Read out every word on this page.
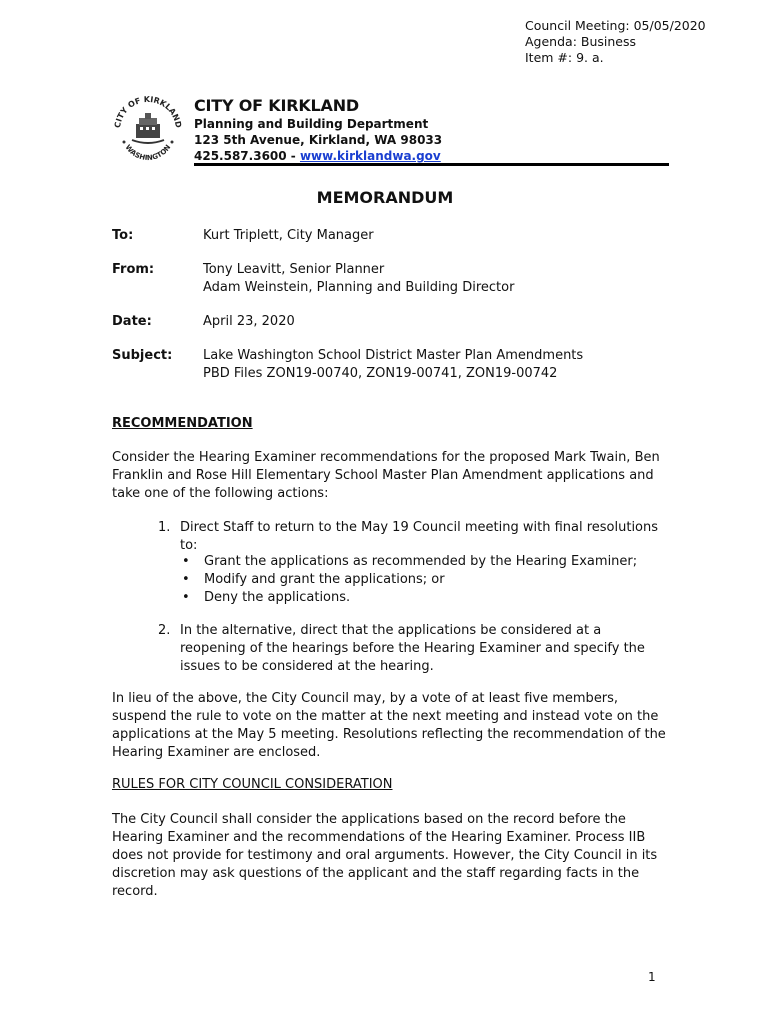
Council Meeting: 05/05/2020
Agenda: Business
Item #: 9. a.
CITY OF KIRKLAND
WASHINGTON
CITY OF KIRKLAND
Planning and Building Department
123 5th Avenue, Kirkland, WA 98033
425.587.3600 - www.kirklandwa.gov
MEMORANDUM
To:	Kurt Triplett, City Manager
From:	Tony Leavitt, Senior Planner
Adam Weinstein, Planning and Building Director
Date:	April 23, 2020
Subject:	Lake Washington School District Master Plan Amendments
PBD Files ZON19-00740, ZON19-00741, ZON19-00742
RECOMMENDATION
Consider the Hearing Examiner recommendations for the proposed Mark Twain, Ben Franklin and Rose Hill Elementary School Master Plan Amendment applications and take one of the following actions:
1. Direct Staff to return to the May 19 Council meeting with final resolutions to:
• Grant the applications as recommended by the Hearing Examiner;
• Modify and grant the applications; or
• Deny the applications.
2. In the alternative, direct that the applications be considered at a reopening of the hearings before the Hearing Examiner and specify the issues to be considered at the hearing.
In lieu of the above, the City Council may, by a vote of at least five members, suspend the rule to vote on the matter at the next meeting and instead vote on the applications at the May 5 meeting. Resolutions reflecting the recommendation of the Hearing Examiner are enclosed.
RULES FOR CITY COUNCIL CONSIDERATION
The City Council shall consider the applications based on the record before the Hearing Examiner and the recommendations of the Hearing Examiner. Process IIB does not provide for testimony and oral arguments. However, the City Council in its discretion may ask questions of the applicant and the staff regarding facts in the record.
1
